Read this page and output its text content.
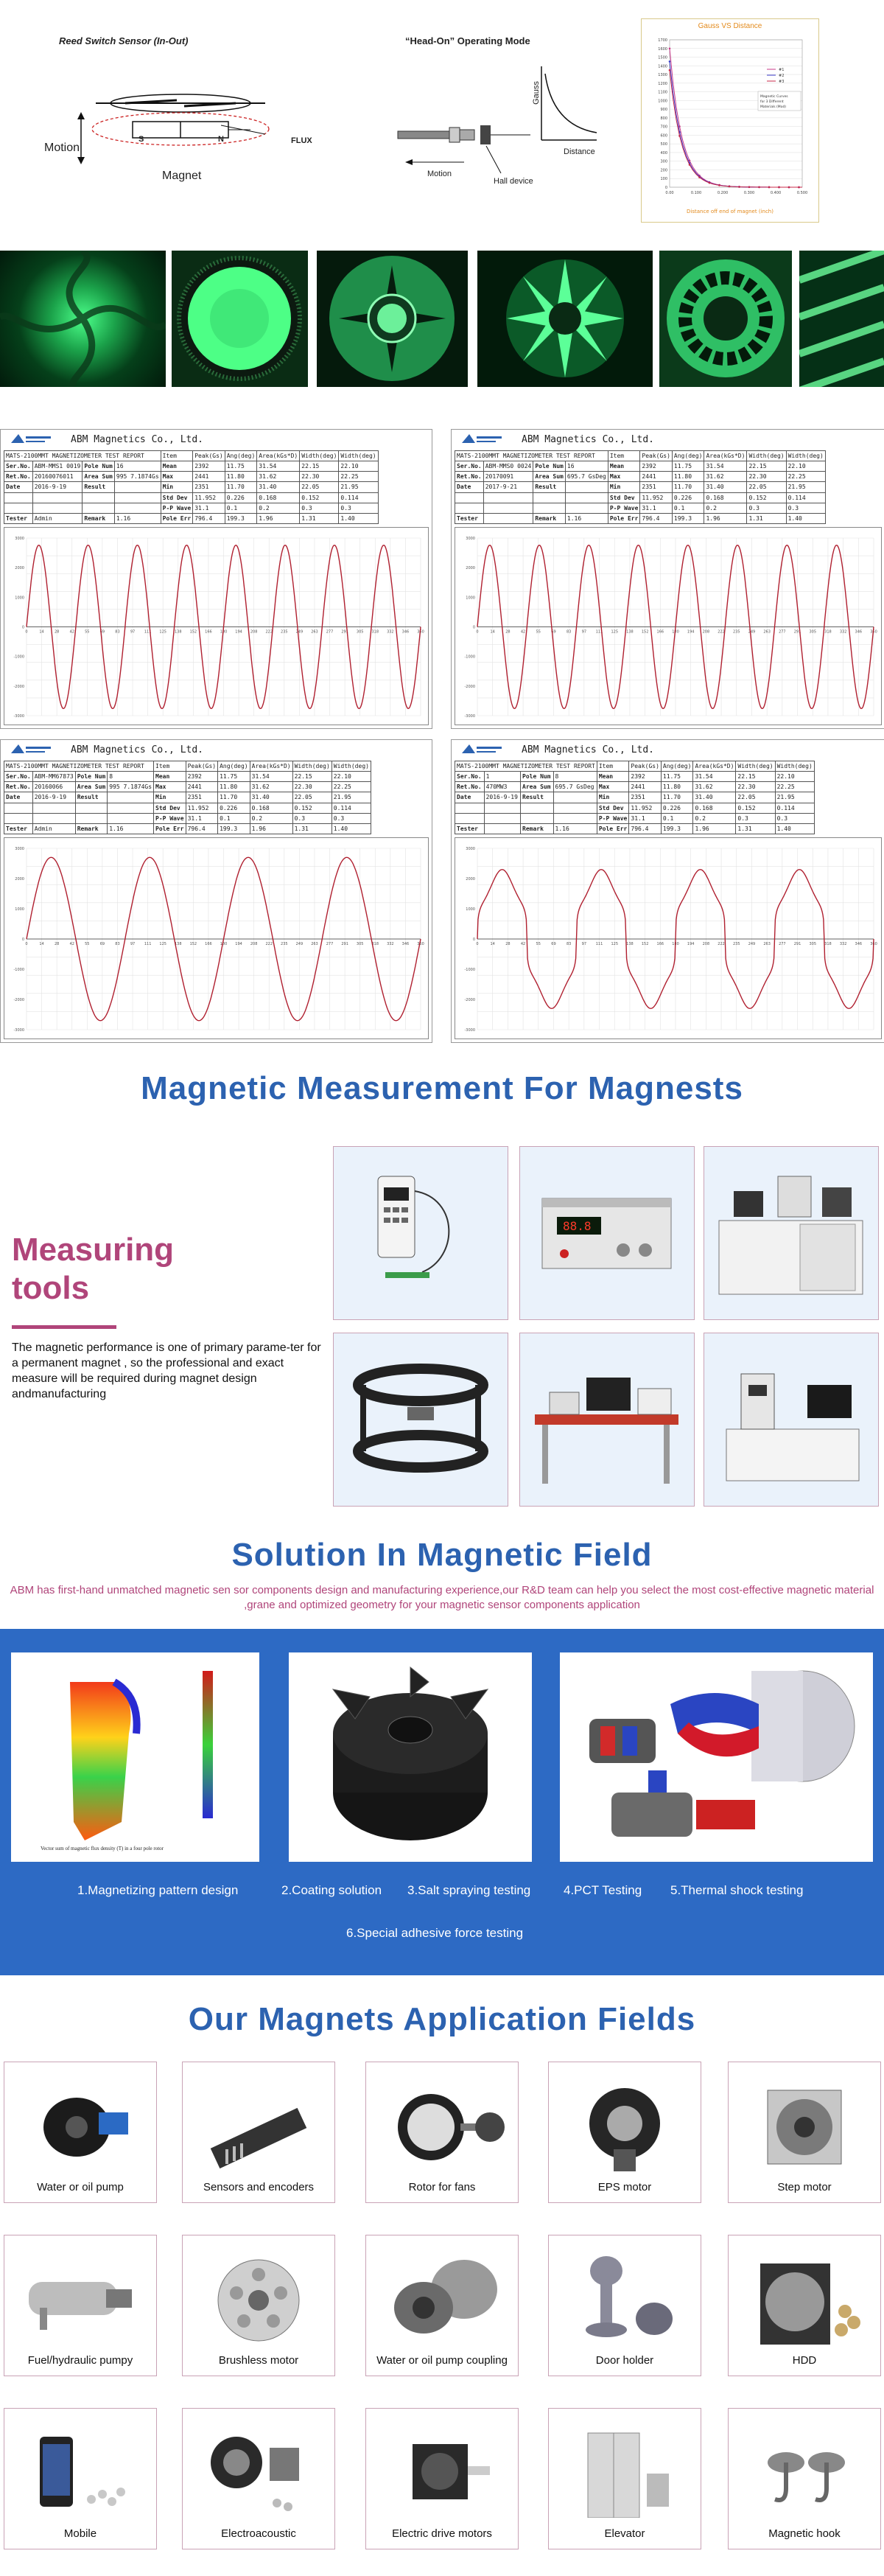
Reed Switch Sensor (In-Out)
S	N	FLUX
Motion
Magnet
“Head-On” Operating Mode
Gauss
Distance
Motion
Hall device
Gauss VS Distance
0
100
200
300
400
500
600
700
800
900
1000
1100
1200
1300
1400
1500
1600
1700
0.00	0.100	0.200	0.300	0.400	0.500
#1
#2
#3
Magnetic Curves
for 3 Different
Materials (Mod)
Distance off end of magnet (inch)
ABM Magnetics Co., Ltd.
MATS-2100MMT MAGNETIZOMETER TEST REPORT				Item	Peak(Gs)	Ang(deg)	Area(kGs*D)	Width(deg)	Width(deg)
Ser.No.	ABM-MMS1 0019	Pole Num	16	Mean	2392	11.75	31.54	22.15	22.10
Ret.No.	20160076011	Area Sum	995 7.1874Gs	Max	2441	11.80	31.62	22.30	22.25
Date	2016-9-19	Result		Min	2351	11.70	31.40	22.05	21.95
				Std Dev	11.952	0.226	0.168	0.152	0.114
				P-P Wave	31.1	0.1	0.2	0.3	0.3
Tester	Admin	Remark	1.16	Pole Err	796.4	199.3	1.96	1.31	1.40
0	14	28	42	55	69	83	97	111 125 138 152 166 180 194 208 222 235 249 263 277 291 305 318 332 346 360
3000
2000
1000
0
-1000
-2000
-3000
ABM Magnetics Co., Ltd.
MATS-2100MMT MAGNETIZOMETER TEST REPORT				Item	Peak(Gs)	Ang(deg)	Area(kGs*D)	Width(deg)	Width(deg)
Ser.No.	ABM-MMS0 0024	Pole Num	16	Mean	2392	11.75	31.54	22.15	22.10
Ret.No.	20170091	Area Sum	695.7 GsDeg	Max	2441	11.80	31.62	22.30	22.25
Date	2017-9-21	Result		Min	2351	11.70	31.40	22.05	21.95
				Std Dev	11.952	0.226	0.168	0.152	0.114
				P-P Wave	31.1	0.1	0.2	0.3	0.3
Tester		Remark	1.16	Pole Err	796.4	199.3	1.96	1.31	1.40
0	14	28	42	55	69	83	97	111 125 138 152 166 180 194 208 222 235 249 263 277 291 305 318 332 346 360
3000
2000
1000
0
-1000
-2000
-3000
ABM Magnetics Co., Ltd.
MATS-2100MMT MAGNETIZOMETER TEST REPORT				Item	Peak(Gs)	Ang(deg)	Area(kGs*D)	Width(deg)	Width(deg)
Ser.No.	ABM-MM67873	Pole Num	8	Mean	2392	11.75	31.54	22.15	22.10
Ret.No.	20160066	Area Sum	995 7.1874Gs	Max	2441	11.80	31.62	22.30	22.25
Date	2016-9-19	Result		Min	2351	11.70	31.40	22.05	21.95
				Std Dev	11.952	0.226	0.168	0.152	0.114
				P-P Wave	31.1	0.1	0.2	0.3	0.3
Tester	Admin	Remark	1.16	Pole Err	796.4	199.3	1.96	1.31	1.40
0	14	28	42	55	69	83	97	111 125 138 152 166 180 194 208 222 235 249 263 277 291 305 318 332 346 360
3000
2000
1000
0
-1000
-2000
-3000
ABM Magnetics Co., Ltd.
MATS-2100MMT MAGNETIZOMETER TEST REPORT				Item	Peak(Gs)	Ang(deg)	Area(kGs*D)	Width(deg)	Width(deg)
Ser.No.	1	Pole Num	8	Mean	2392	11.75	31.54	22.15	22.10
Ret.No.	470MW3	Area Sum	695.7 GsDeg	Max	2441	11.80	31.62	22.30	22.25
Date	2016-9-19	Result		Min	2351	11.70	31.40	22.05	21.95
				Std Dev	11.952	0.226	0.168	0.152	0.114
				P-P Wave	31.1	0.1	0.2	0.3	0.3
Tester		Remark	1.16	Pole Err	796.4	199.3	1.96	1.31	1.40
0	14	28	42	55	69	83	97	111 125 138 152 166 180 194 208 222 235 249 263 277 291 305 318 332 346 360
3000
2000
1000
0
-1000
-2000
-3000
Magnetic Measurement For Magnests
Measuring
tools
The magnetic performance is one of primary parame-ter for a permanent magnet , so the professional and exact measure will be required during magnet design andmanufacturing
88.8
Solution In Magnetic Field
ABM has first-hand unmatched magnetic sen sor components design and manufacturing experience,our R&D team can help you select the most cost-effective magnetic material ,grane and optimized geometry for your magnetic sensor components application
Vector sum of magnetic flux density (T) in a four pole rotor
1.Magnetizing pattern design	2.Coating solution 3.Salt spraying testing	4.PCT Testing 5.Thermal shock testing
6.Special adhesive force testing
Our Magnets Application Fields
Water or oil pump	Sensors and encoders	Rotor for fans	EPS motor	Step motor
Fuel/hydraulic pumpy	Brushless motor	Water or oil pump coupling	Door holder	HDD
Mobile	Electroacoustic	Electric drive motors	Elevator	Magnetic hook
